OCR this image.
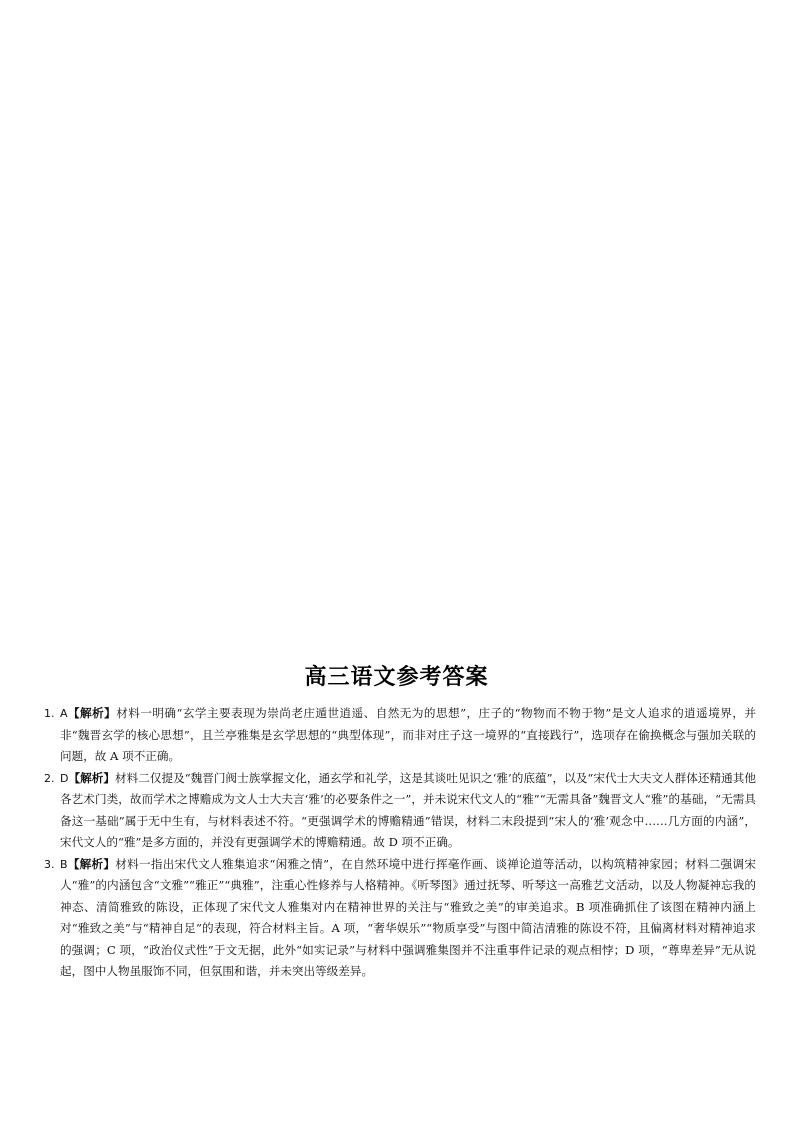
高三语文参考答案
1. A【解析】材料一明确“玄学主要表现为崇尚老庄遁世逍遥、自然无为的思想”，庄子的“物物而不物于物”是文人追求的逍遥境界，并非“魏晋玄学的核心思想”，且兰亭雅集是玄学思想的“典型体现”，而非对庄子这一境界的“直接践行”，选项存在偷换概念与强加关联的问题，故 A 项不正确。
2. D【解析】材料二仅提及“魏晋门阀士族掌握文化，通玄学和礼学，这是其谈吐见识之‘雅’的底蕴”，以及“宋代士大夫文人群体还精通其他各艺术门类，故而学术之博赡成为文人士大夫言‘雅’的必要条件之一”，并未说宋代文人的“雅”“无需具备”魏晋文人“雅”的基础，“无需具备这一基础”属于无中生有，与材料表述不符。“更强调学术的博赡精通”错误，材料二末段提到“宋人的‘雅’观念中……几方面的内涵”，宋代文人的“雅”是多方面的，并没有更强调学术的博赡精通。故 D 项不正确。
3. B【解析】材料一指出宋代文人雅集追求“闲雅之情”，在自然环境中进行挥毫作画、谈禅论道等活动，以构筑精神家园；材料二强调宋人“雅”的内涵包含“文雅”“雅正”“典雅”，注重心性修养与人格精神。《听琴图》通过抚琴、听琴这一高雅艺文活动，以及人物凝神忘我的神态、清简雅致的陈设，正体现了宋代文人雅集对内在精神世界的关注与“雅致之美”的审美追求。B 项准确抓住了该图在精神内涵上对“雅致之美”与“精神自足”的表现，符合材料主旨。A 项，“奢华娱乐”“物质享受”与图中简洁清雅的陈设不符，且偏离材料对精神追求的强调；C 项，“政治仪式性”于文无据，此外“如实记录”与材料中强调雅集图并不注重事件记录的观点相悖；D 项，“尊卑差异”无从说起，图中人物虽服饰不同，但氛围和谐，并未突出等级差异。
